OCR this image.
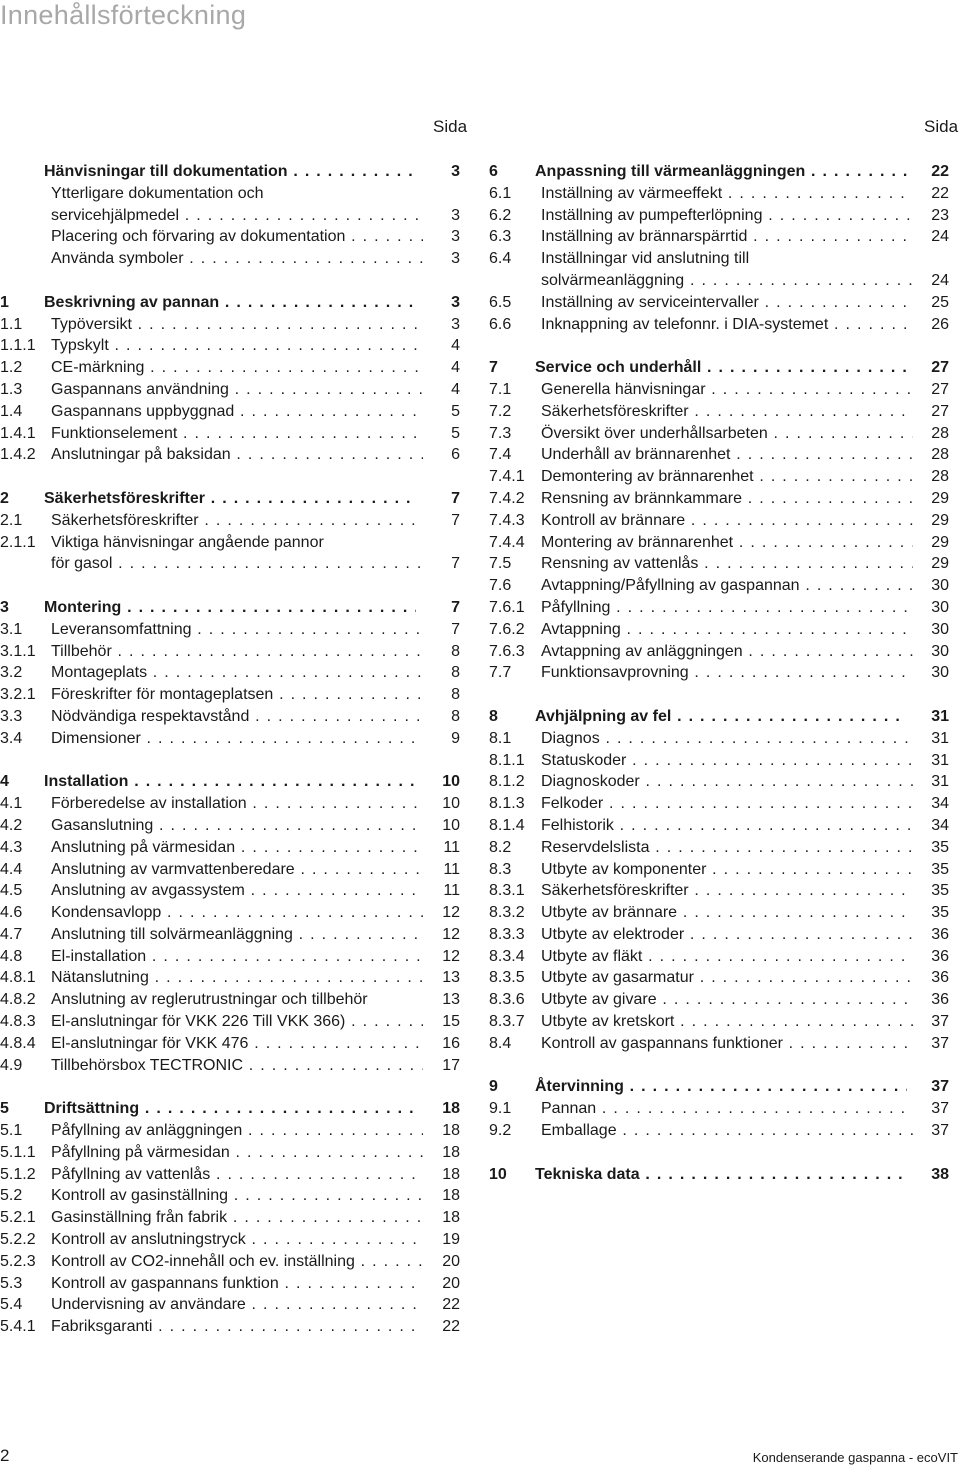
Innehållsförteckning
Sida	Sida
Hänvisningar till dokumentation . . .	3
Ytterligare dokumentation och
servicehjälpmedel . . .	3
Placering och förvaring av dokumentation . . .	3
Använda symboler . . .	3
1 Beskrivning av pannan . . .	3
1.1 Typöversikt . . .	3
1.1.1 Typskylt . . .	4
1.2 CE-märkning . . .	4
1.3 Gaspannans användning . . .	4
1.4 Gaspannans uppbyggnad . . .	5
1.4.1 Funktionselement . . .	5
1.4.2 Anslutningar på baksidan . . .	6
2 Säkerhetsföreskrifter . . .	7
2.1 Säkerhetsföreskrifter . . .	7
2.1.1 Viktiga hänvisningar angående pannor
för gasol . . .	7
3 Montering . . .	7
3.1 Leveransomfattning . . .	7
3.1.1 Tillbehör . . .	8
3.2 Montageplats . . .	8
3.2.1 Föreskrifter för montageplatsen . . .	8
3.3 Nödvändiga respektavstånd . . .	8
3.4 Dimensioner . . .	9
4 Installation . . .	10
4.1 Förberedelse av installation . . .	10
4.2 Gasanslutning . . .	10
4.3 Anslutning på värmesidan . . .	11
4.4 Anslutning av varmvattenberedare . . .	11
4.5 Anslutning av avgassystem . . .	11
4.6 Kondensavlopp . . .	12
4.7 Anslutning till solvärmeanläggning . . .	12
4.8 El-installation . . .	12
4.8.1 Nätanslutning . . .	13
4.8.2 Anslutning av reglerutrustningar och tillbehör	13
4.8.3 El-anslutningar för VKK 226 Till VKK 366) . . .	15
4.8.4 El-anslutningar för VKK 476 . . .	16
4.9 Tillbehörsbox TECTRONIC . . .	17
5 Driftsättning . . .	18
5.1 Påfyllning av anläggningen . . .	18
5.1.1 Påfyllning på värmesidan . . .	18
5.1.2 Påfyllning av vattenlås . . .	18
5.2 Kontroll av gasinställning . . .	18
5.2.1 Gasinställning från fabrik . . .	18
5.2.2 Kontroll av anslutningstryck . . .	19
5.2.3 Kontroll av CO2-innehåll och ev. inställning . . .	20
5.3 Kontroll av gaspannans funktion . . .	20
5.4 Undervisning av användare . . .	22
5.4.1 Fabriksgaranti . . .	22
6 Anpassning till värmeanläggningen . . .	22
6.1 Inställning av värmeeffekt . . .	22
6.2 Inställning av pumpefterlöpning . . .	23
6.3 Inställning av brännarspärrtid . . .	24
6.4 Inställningar vid anslutning till
solvärmeanläggning . . .	24
6.5 Inställning av serviceintervaller . . .	25
6.6 Inknappning av telefonnr. i DIA-systemet . . .	26
7 Service och underhåll . . .	27
7.1 Generella hänvisningar . . .	27
7.2 Säkerhetsföreskrifter . . .	27
7.3 Översikt över underhållsarbeten . . .	28
7.4 Underhåll av brännarenhet . . .	28
7.4.1 Demontering av brännarenhet . . .	28
7.4.2 Rensning av brännkammare . . .	29
7.4.3 Kontroll av brännare . . .	29
7.4.4 Montering av brännarenhet . . .	29
7.5 Rensning av vattenlås . . .	29
7.6 Avtappning/Påfyllning av gaspannan . . .	30
7.6.1 Påfyllning . . .	30
7.6.2 Avtappning . . .	30
7.6.3 Avtappning av anläggningen . . .	30
7.7 Funktionsavprovning . . .	30
8 Avhjälpning av fel . . .	31
8.1 Diagnos . . .	31
8.1.1 Statuskoder . . .	31
8.1.2 Diagnoskoder . . .	31
8.1.3 Felkoder . . .	34
8.1.4 Felhistorik . . .	34
8.2 Reservdelslista . . .	35
8.3 Utbyte av komponenter . . .	35
8.3.1 Säkerhetsföreskrifter . . .	35
8.3.2 Utbyte av brännare . . .	35
8.3.3 Utbyte av elektroder . . .	36
8.3.4 Utbyte av fläkt . . .	36
8.3.5 Utbyte av gasarmatur . . .	36
8.3.6 Utbyte av givare . . .	36
8.3.7 Utbyte av kretskort . . .	37
8.4 Kontroll av gaspannans funktioner . . .	37
9 Återvinning . . .	37
9.1 Pannan . . .	37
9.2 Emballage . . .	37
10 Tekniska data . . .	38
2	Kondenserande gaspanna - ecoVIT
